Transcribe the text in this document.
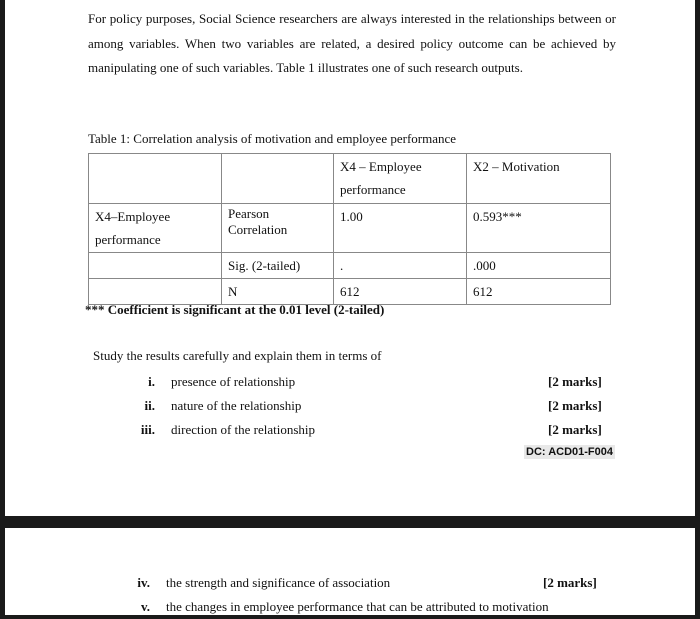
For policy purposes, Social Science researchers are always interested in the relationships between or among variables. When two variables are related, a desired policy outcome can be achieved by manipulating one of such variables. Table 1 illustrates one of such research outputs.
Table 1: Correlation analysis of motivation and employee performance
		X4 – Employee performance	X2 – Motivation
X4–Employee performance	Pearson Correlation	1.00	0.593***
	Sig. (2-tailed)	.	.000
	N	612	612
*** Coefficient is significant at the 0.01 level (2-tailed)
Study the results carefully and explain them in terms of
i. presence of relationship	[2 marks]
ii. nature of the relationship	[2 marks]
iii. direction of the relationship	[2 marks]
DC: ACD01-F004
iv. the strength and significance of association	[2 marks]
v. the changes in employee performance that can be attributed to motivation
